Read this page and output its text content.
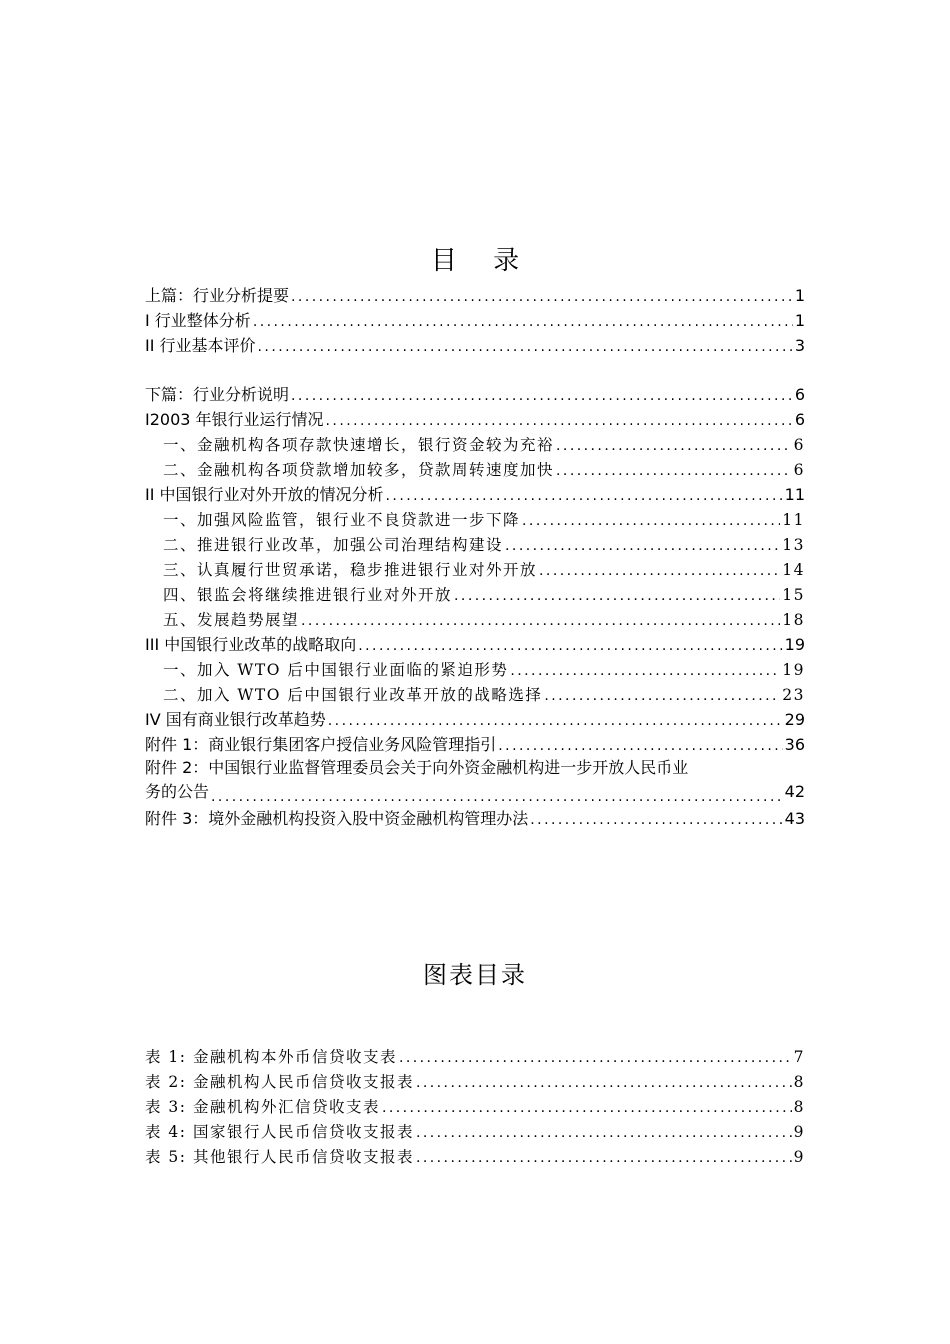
目 录
上篇：行业分析提要 . . .	1
I 行业整体分析 . . .	1
II 行业基本评价 . . .	3
下篇：行业分析说明 . . .	6
I2003 年银行业运行情况 . . .	6
一、金融机构各项存款快速增长，银行资金较为充裕 . . .	6
二、金融机构各项贷款增加较多，贷款周转速度加快 . . .	6
II 中国银行业对外开放的情况分析 . . .	11
一、加强风险监管，银行业不良贷款进一步下降 . . .	11
二、推进银行业改革，加强公司治理结构建设 . . .	13
三、认真履行世贸承诺，稳步推进银行业对外开放 . . .	14
四、银监会将继续推进银行业对外开放 . . .	15
五、发展趋势展望 . . .	18
III 中国银行业改革的战略取向 . . .	19
一、加入 WTO 后中国银行业面临的紧迫形势 . . .	19
二、加入 WTO 后中国银行业改革开放的战略选择 . . .	23
IV 国有商业银行改革趋势 . . .	29
附件 1：商业银行集团客户授信业务风险管理指引 . . .	36
附件 2：中国银行业监督管理委员会关于向外资金融机构进一步开放人民币业
务的公告 . . .	42
附件 3：境外金融机构投资入股中资金融机构管理办法 . . .	43
图表目录
表 1: 金融机构本外币信贷收支表 . . .	7
表 2: 金融机构人民币信贷收支报表 . . .	8
表 3: 金融机构外汇信贷收支表 . . .	8
表 4: 国家银行人民币信贷收支报表 . . .	9
表 5: 其他银行人民币信贷收支报表 . . .	9
